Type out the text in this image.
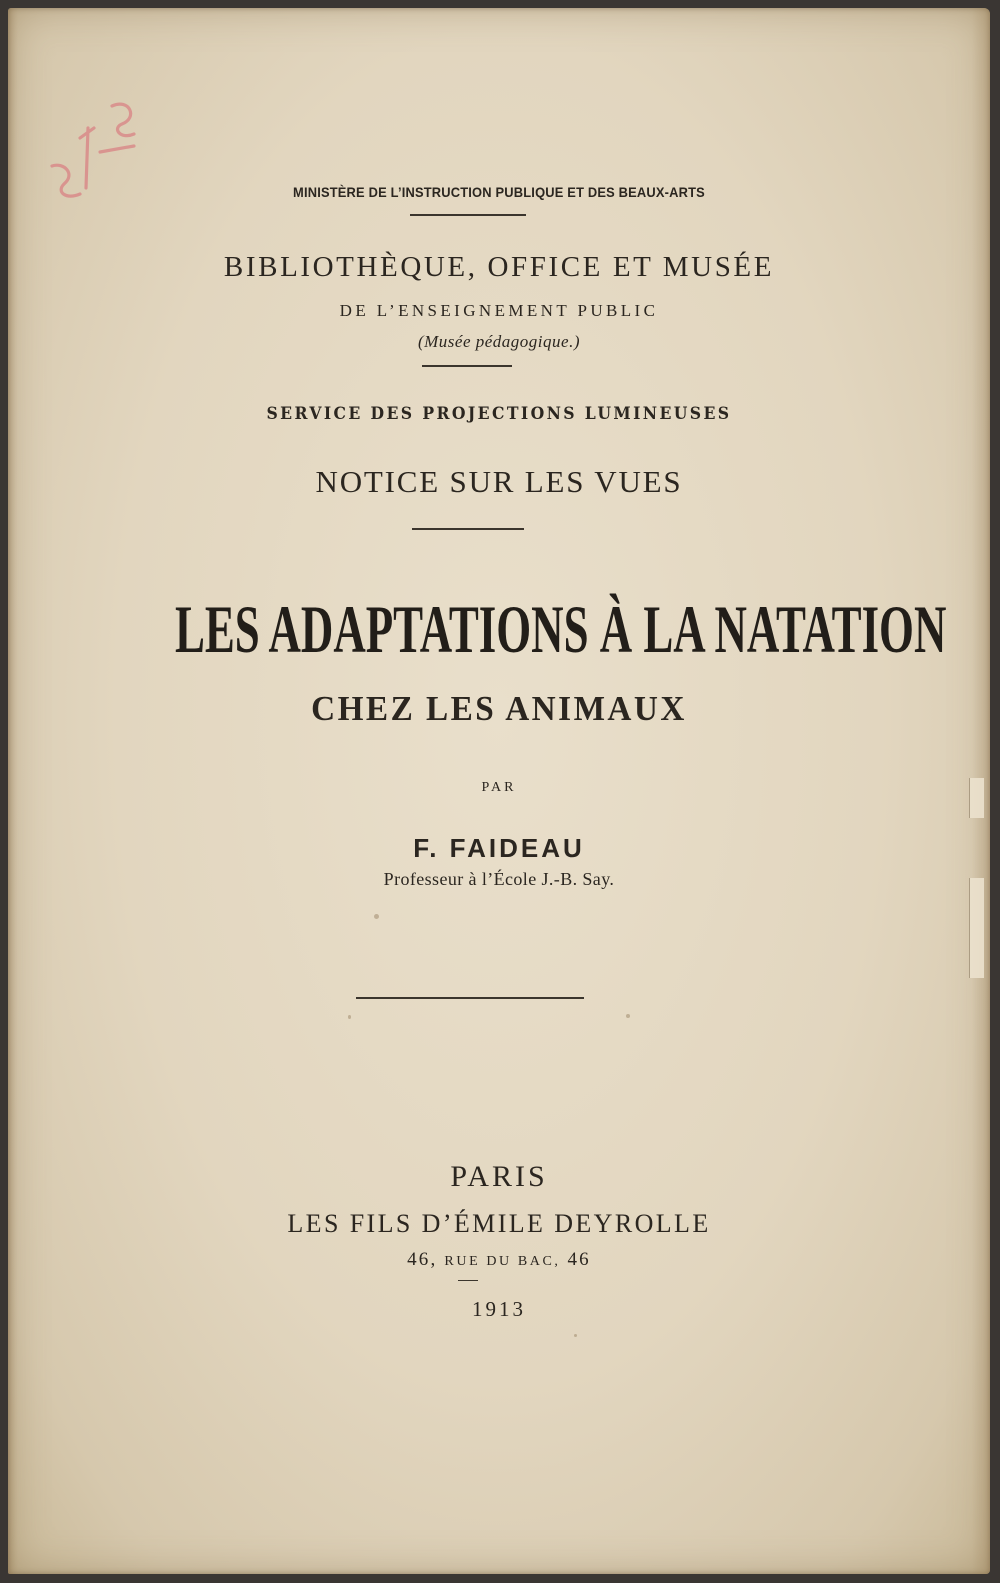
MINISTÈRE DE L’INSTRUCTION PUBLIQUE ET DES BEAUX-ARTS
BIBLIOTHÈQUE, OFFICE ET MUSÉE
DE L’ENSEIGNEMENT PUBLIC
(Musée pédagogique.)
SERVICE DES PROJECTIONS LUMINEUSES
NOTICE SUR LES VUES
LES ADAPTATIONS À LA NATATION
CHEZ LES ANIMAUX
PAR
F. FAIDEAU
Professeur à l’École J.-B. Say.
PARIS
LES FILS D’ÉMILE DEYROLLE
46, RUE DU BAC, 46
1913
